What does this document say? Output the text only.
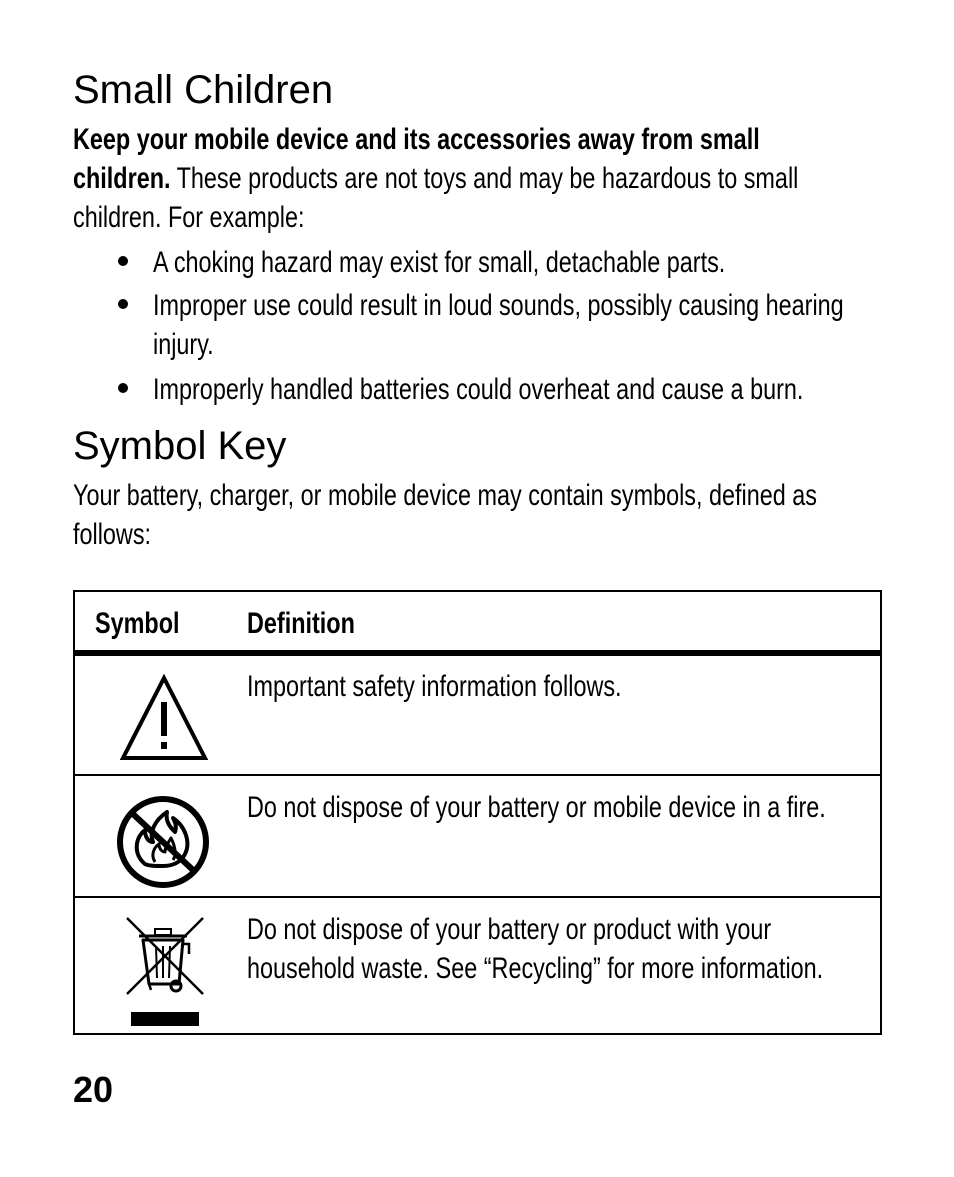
Small Children

Keep your mobile device and its accessories away from small

children. These products are not toys and may be hazardous to small

children. For example:

A choking hazard may exist for small, detachable parts.
Improper use could result in loud sounds, possibly causing hearing
injury.
Improperly handled batteries could overheat and cause a burn.
Symbol Key

Your battery, charger, or mobile device may contain symbols, defined as

follows:

Symbol Definition
Important safety information follows.
Do not dispose of your battery or mobile device in a fire.
Do not dispose of your battery or product with your
household waste. See “Recycling” for more information.
20
